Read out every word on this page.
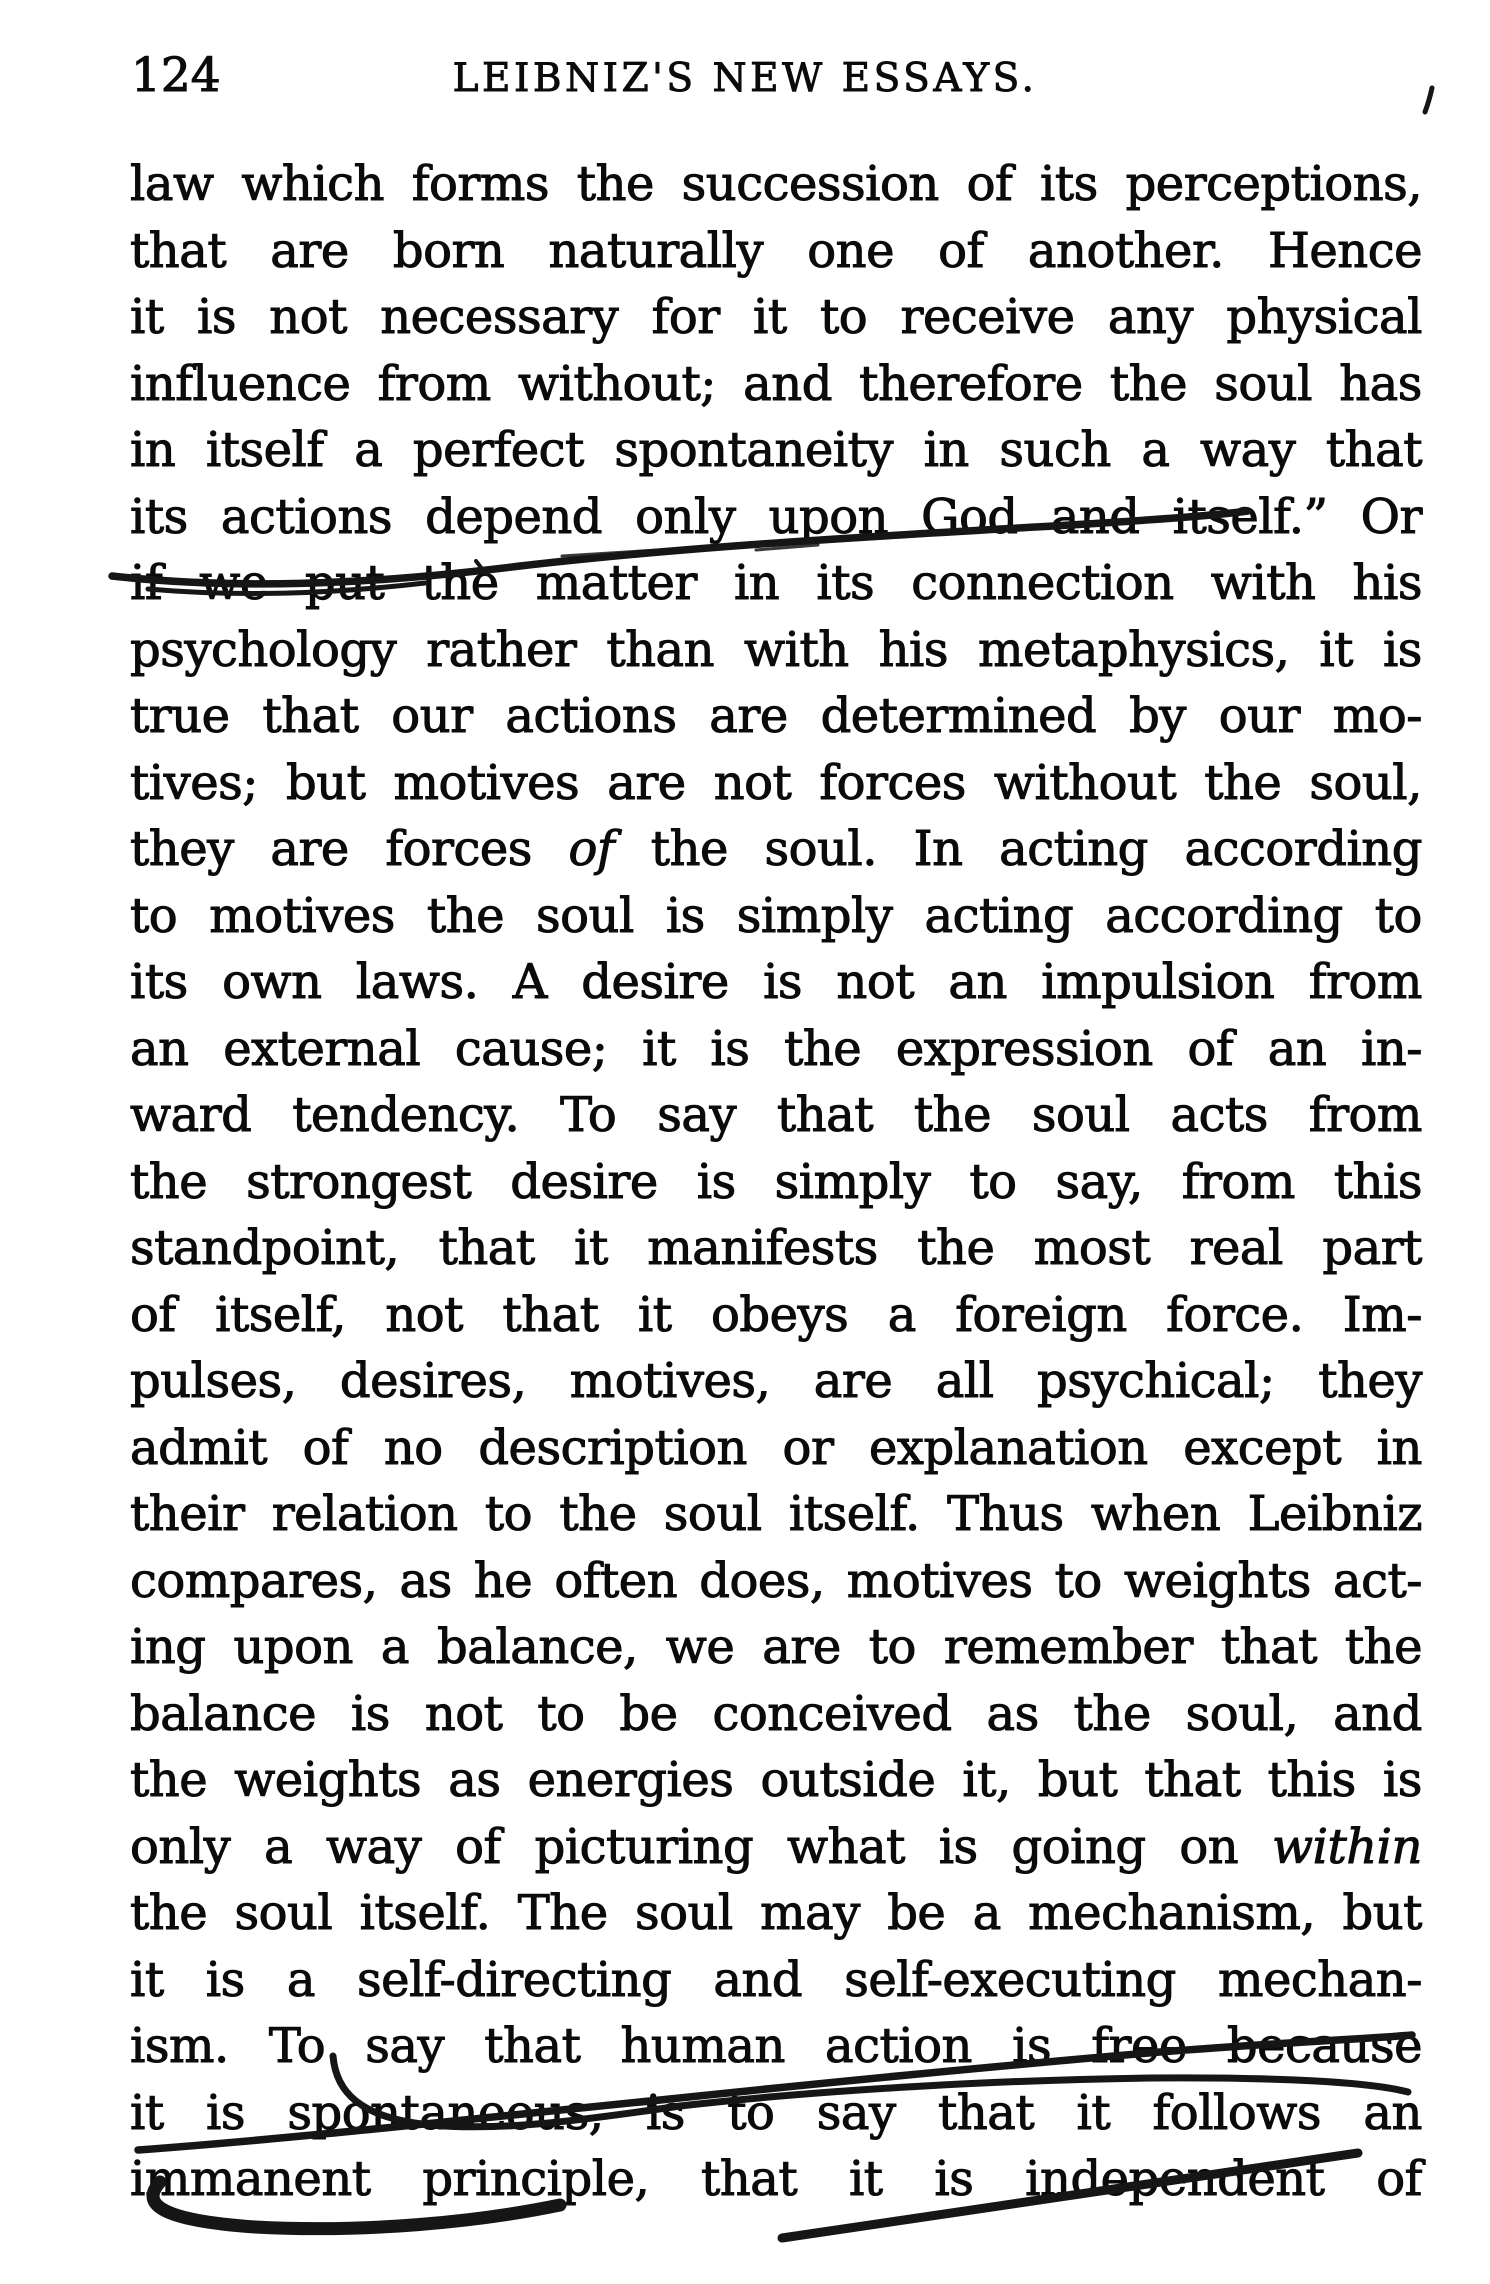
124	LEIBNIZ'S NEW ESSAYS.
law which forms the succession of its perceptions,
that are born naturally one of another. Hence
it is not necessary for it to receive any physical
influence from without; and therefore the soul has
in itself a perfect spontaneity in such a way that
its actions depend only upon God and itself.” Or
if we put the matter in its connection with his
psychology rather than with his metaphysics, it is
true that our actions are determined by our mo-
tives; but motives are not forces without the soul,
they are forces of the soul. In acting according
to motives the soul is simply acting according to
its own laws. A desire is not an impulsion from
an external cause; it is the expression of an in-
ward tendency. To say that the soul acts from
the strongest desire is simply to say, from this
standpoint, that it manifests the most real part
of itself, not that it obeys a foreign force. Im-
pulses, desires, motives, are all psychical; they
admit of no description or explanation except in
their relation to the soul itself. Thus when Leibniz
compares, as he often does, motives to weights act-
ing upon a balance, we are to remember that the
balance is not to be conceived as the soul, and
the weights as energies outside it, but that this is
only a way of picturing what is going on within
the soul itself. The soul may be a mechanism, but
it is a self-directing and self-executing mechan-
ism. To say that human action is free because
it is spontaneous, is to say that it follows an
immanent principle, that it is independent of
